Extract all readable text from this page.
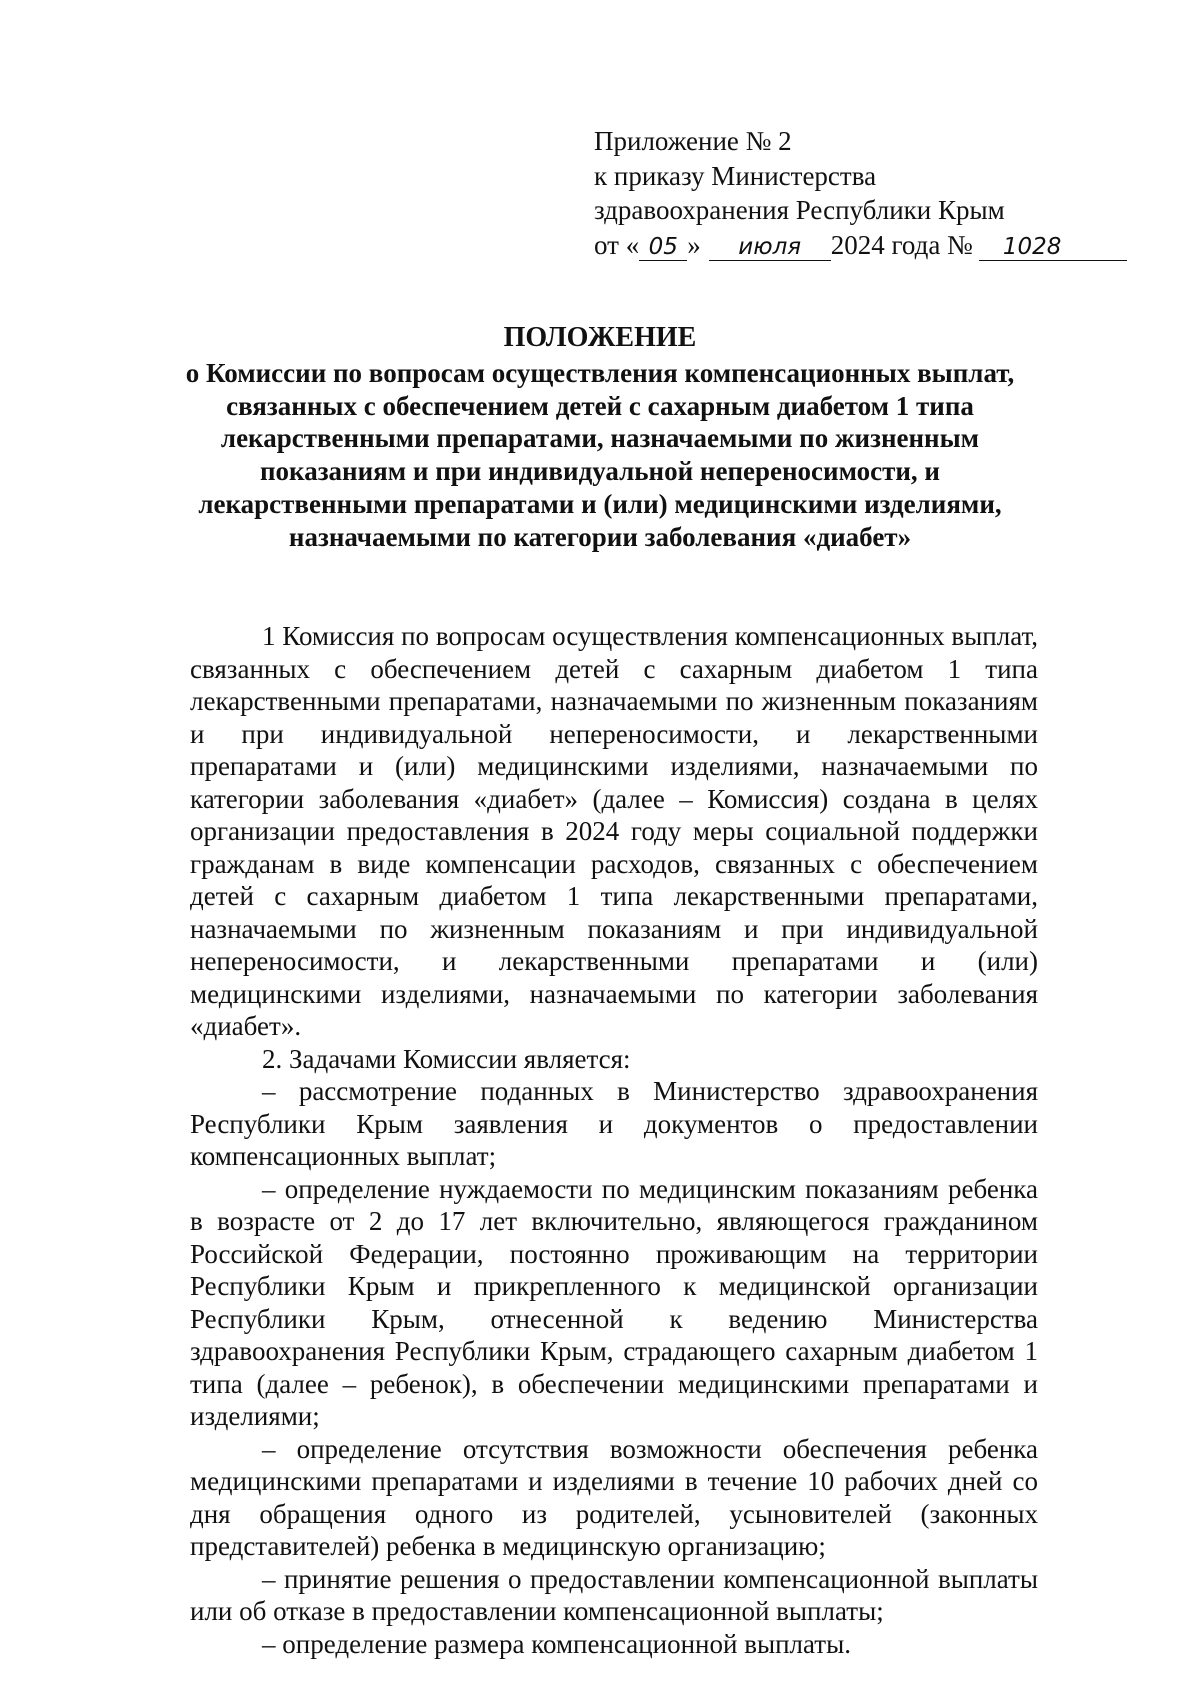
Приложение № 2
к приказу Министерства
здравоохранения Республики Крым
от « 05 » июля 2024 года № 1028
ПОЛОЖЕНИЕ
о Комиссии по вопросам осуществления компенсационных выплат, связанных с обеспечением детей с сахарным диабетом 1 типа лекарственными препаратами, назначаемыми по жизненным показаниям и при индивидуальной непереносимости, и лекарственными препаратами и (или) медицинскими изделиями, назначаемыми по категории заболевания «диабет»

1 Комиссия по вопросам осуществления компенсационных выплат, связанных с обеспечением детей с сахарным диабетом 1 типа лекарственными препаратами, назначаемыми по жизненным показаниям и при индивидуальной непереносимости, и лекарственными препаратами и (или) медицинскими изделиями, назначаемыми по категории заболевания «диабет» (далее – Комиссия) создана в целях организации предоставления в 2024 году меры социальной поддержки гражданам в виде компенсации расходов, связанных с обеспечением детей с сахарным диабетом 1 типа лекарственными препаратами, назначаемыми по жизненным показаниям и при индивидуальной непереносимости, и лекарственными препаратами и (или) медицинскими изделиями, назначаемыми по категории заболевания «диабет».

2. Задачами Комиссии является:

– рассмотрение поданных в Министерство здравоохранения Республики Крым заявления и документов о предоставлении компенсационных выплат;

– определение нуждаемости по медицинским показаниям ребенка в возрасте от 2 до 17 лет включительно, являющегося гражданином Российской Федерации, постоянно проживающим на территории Республики Крым и прикрепленного к медицинской организации Республики Крым, отнесенной к ведению Министерства здравоохранения Республики Крым, страдающего сахарным диабетом 1 типа (далее – ребенок), в обеспечении медицинскими препаратами и изделиями;

– определение отсутствия возможности обеспечения ребенка медицинскими препаратами и изделиями в течение 10 рабочих дней со дня обращения одного из родителей, усыновителей (законных представителей) ребенка в медицинскую организацию;

– принятие решения о предоставлении компенсационной выплаты или об отказе в предоставлении компенсационной выплаты;

– определение размера компенсационной выплаты.
